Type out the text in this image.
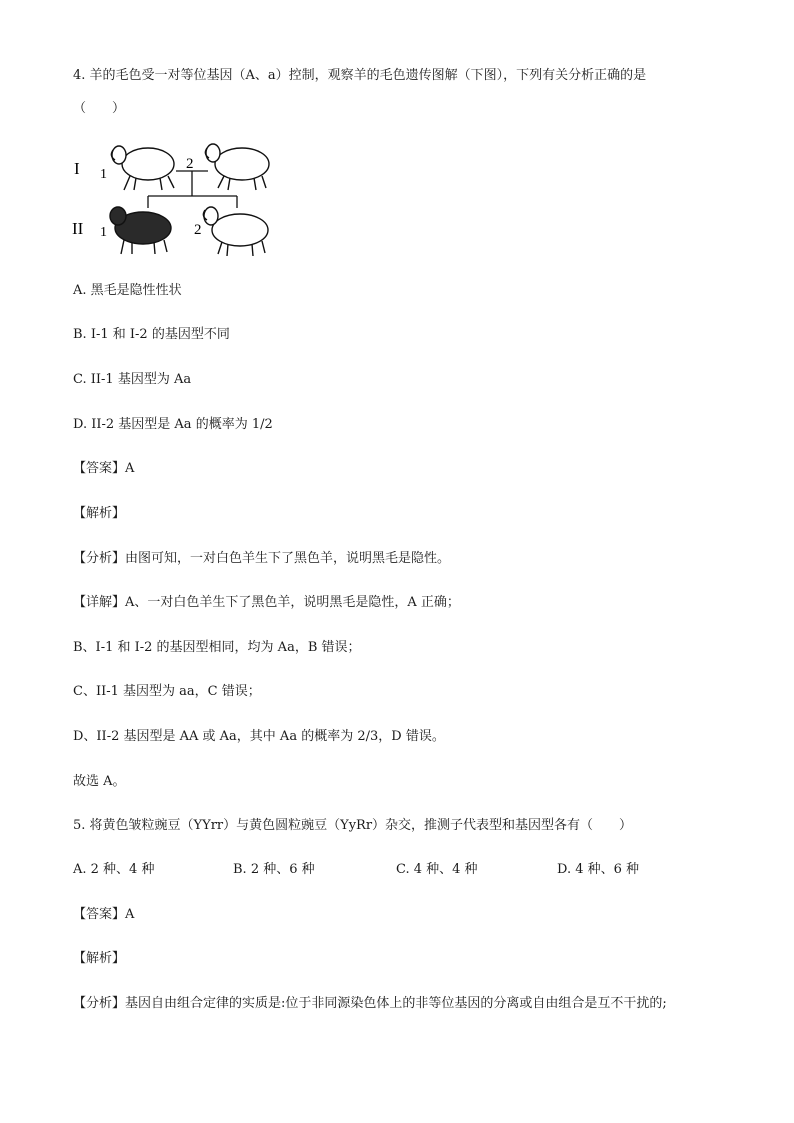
4. 羊的毛色受一对等位基因（A、a）控制，观察羊的毛色遗传图解（下图），下列有关分析正确的是
（　　）
I
II
1
2
1	2
A. 黑毛是隐性性状
B. I-1 和 I-2 的基因型不同
C. II-1 基因型为 Aa
D. II-2 基因型是 Aa 的概率为 1/2
【答案】A
【解析】
【分析】由图可知，一对白色羊生下了黑色羊，说明黑毛是隐性。
【详解】A、一对白色羊生下了黑色羊，说明黑毛是隐性，A 正确；
B、I-1 和 I-2 的基因型相同，均为 Aa，B 错误；
C、II-1 基因型为 aa，C 错误；
D、II-2 基因型是 AA 或 Aa，其中 Aa 的概率为 2/3，D 错误。
故选 A。
5. 将黄色皱粒豌豆（YYrr）与黄色圆粒豌豆（YyRr）杂交，推测子代表型和基因型各有（　　）
A. 2 种、4 种	B. 2 种、6 种	C. 4 种、4 种	D. 4 种、6 种
【答案】A
【解析】
【分析】基因自由组合定律的实质是:位于非同源染色体上的非等位基因的分离或自由组合是互不干扰的;
